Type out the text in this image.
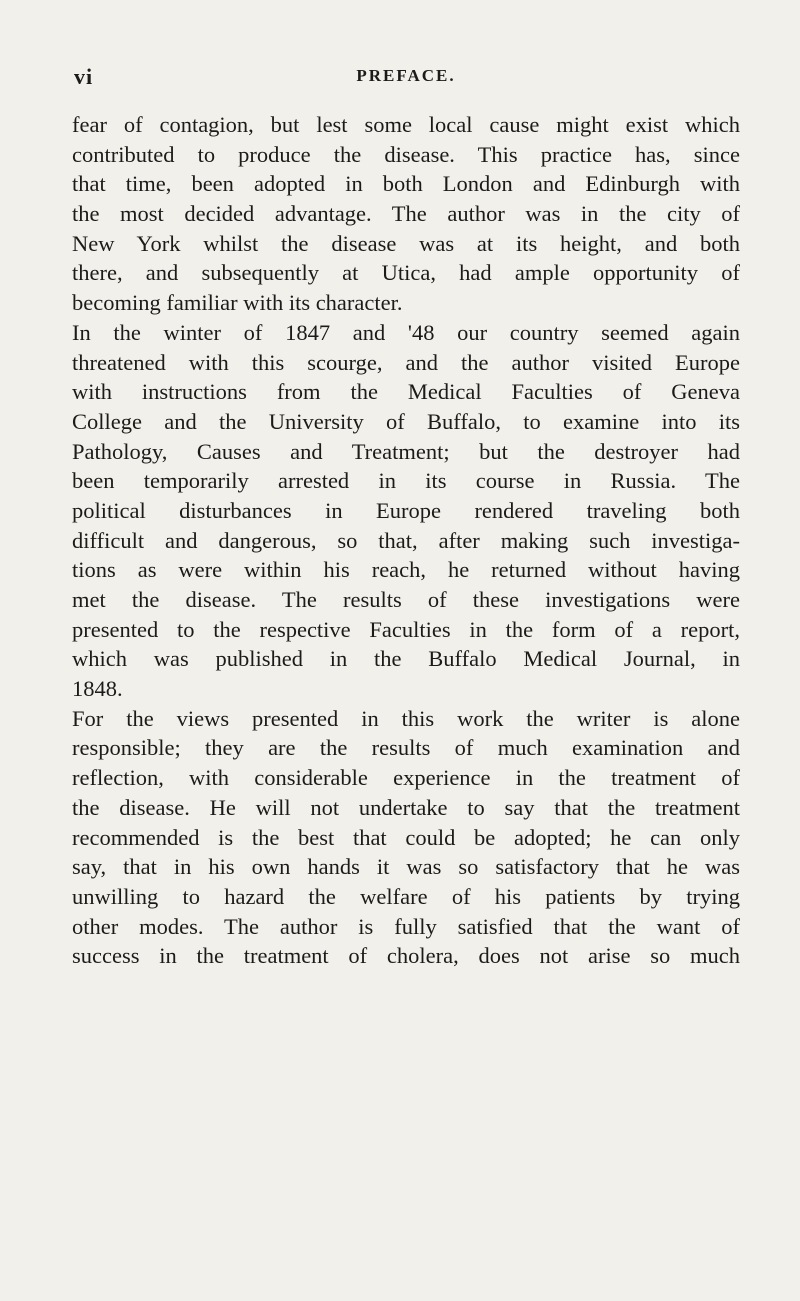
vi	PREFACE.
fear of contagion, but lest some local cause might exist which
contributed to produce the disease. This practice has, since
that time, been adopted in both London and Edinburgh with
the most decided advantage. The author was in the city of
New York whilst the disease was at its height, and both
there, and subsequently at Utica, had ample opportunity of
becoming familiar with its character.
In the winter of 1847 and '48 our country seemed again
threatened with this scourge, and the author visited Europe
with instructions from the Medical Faculties of Geneva
College and the University of Buffalo, to examine into its
Pathology, Causes and Treatment; but the destroyer had
been temporarily arrested in its course in Russia. The
political disturbances in Europe rendered traveling both
difficult and dangerous, so that, after making such investiga-
tions as were within his reach, he returned without having
met the disease. The results of these investigations were
presented to the respective Faculties in the form of a report,
which was published in the Buffalo Medical Journal, in
1848.
For the views presented in this work the writer is alone
responsible; they are the results of much examination and
reflection, with considerable experience in the treatment of
the disease. He will not undertake to say that the treatment
recommended is the best that could be adopted; he can only
say, that in his own hands it was so satisfactory that he was
unwilling to hazard the welfare of his patients by trying
other modes. The author is fully satisfied that the want of
success in the treatment of cholera, does not arise so much
